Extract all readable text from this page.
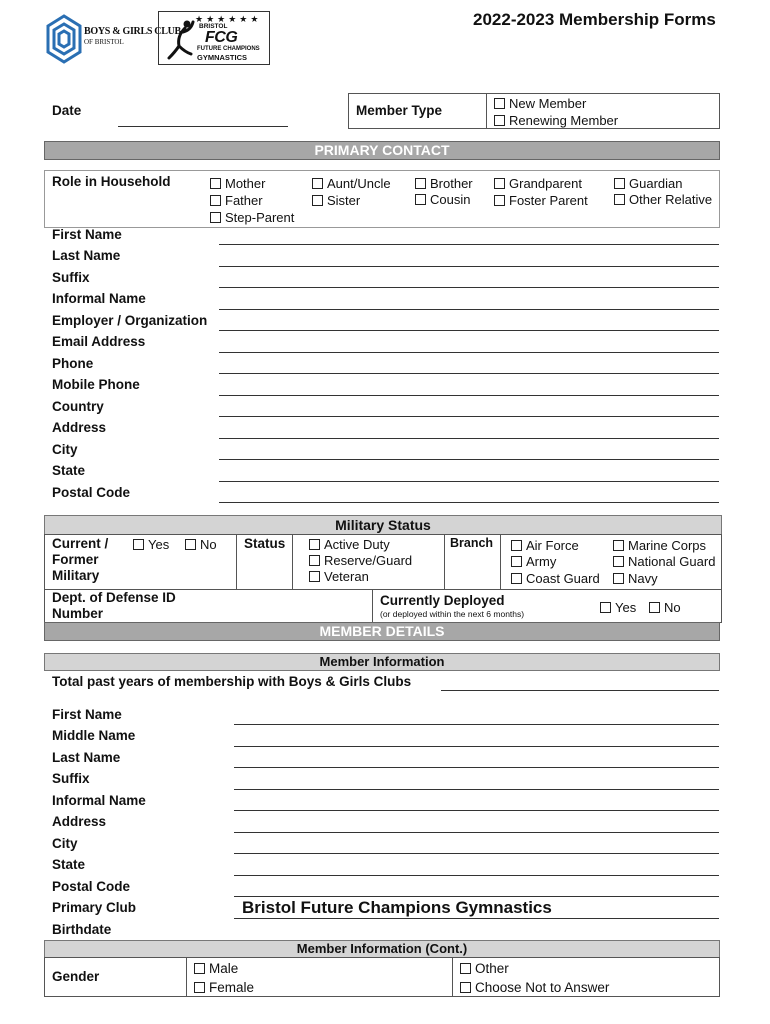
BOYS & GIRLS CLUB
OF BRISTOL
★★★★★★
BRISTOL
FCG
FUTURE CHAMPIONS
GYMNASTICS
2022-2023 Membership Forms
Date	Member Type	New Member
Renewing Member
PRIMARY CONTACT
Role in Household	Mother
Father
Step-Parent
Aunt/Uncle
Sister
Brother
Cousin
Grandparent
Foster Parent
Guardian
Other Relative
First Name
Last Name
Suffix
Informal Name
Employer / Organization
Email Address
Phone
Mobile Phone
Country
Address
City
State
Postal Code
Military Status
Current / Former Military
Yes	No Status	Active Duty
Reserve/Guard
Veteran
Branch	Air Force
Army
Coast Guard
Marine Corps
National Guard
Navy
Dept. of Defense ID Number
Currently Deployed
(or deployed within the next 6 months)	Yes	No
MEMBER DETAILS
Member Information
Total past years of membership with Boys & Girls Clubs
First Name
Middle Name
Last Name
Suffix
Informal Name
Address
City
State
Postal Code
Primary Club	Bristol Future Champions Gymnastics
Birthdate
Member Information (Cont.)
Gender
Male
Female
Other
Choose Not to Answer
